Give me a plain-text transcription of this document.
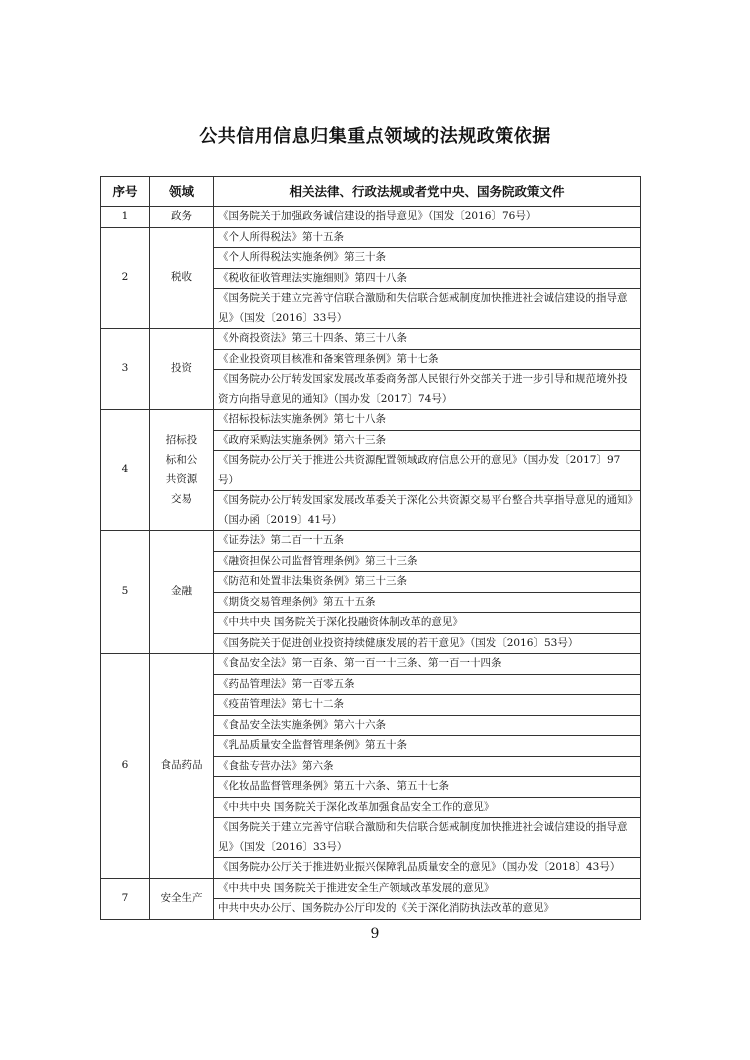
公共信用信息归集重点领域的法规政策依据
序号	领域	相关法律、行政法规或者党中央、国务院政策文件
1	政务	《国务院关于加强政务诚信建设的指导意见》（国发〔2016〕76号）
2	税收	《个人所得税法》第十五条
		《个人所得税法实施条例》第三十条
		《税收征收管理法实施细则》第四十八条
		《国务院关于建立完善守信联合激励和失信联合惩戒制度加快推进社会诚信建设的指导意见》（国发〔2016〕33号）
3	投资	《外商投资法》第三十四条、第三十八条
		《企业投资项目核准和备案管理条例》第十七条
		《国务院办公厅转发国家发展改革委商务部人民银行外交部关于进一步引导和规范境外投资方向指导意见的通知》（国办发〔2017〕74号）
4	招标投标和公共资源交易	《招标投标法实施条例》第七十八条
		《政府采购法实施条例》第六十三条
		《国务院办公厅关于推进公共资源配置领域政府信息公开的意见》（国办发〔2017〕97号）
		《国务院办公厅转发国家发展改革委关于深化公共资源交易平台整合共享指导意见的通知》（国办函〔2019〕41号）
5	金融	《证券法》第二百一十五条
		《融资担保公司监督管理条例》第三十三条
		《防范和处置非法集资条例》第三十三条
		《期货交易管理条例》第五十五条
		《中共中央 国务院关于深化投融资体制改革的意见》
		《国务院关于促进创业投资持续健康发展的若干意见》（国发〔2016〕53号）
6	食品药品	《食品安全法》第一百条、第一百一十三条、第一百一十四条
		《药品管理法》第一百零五条
		《疫苗管理法》第七十二条
		《食品安全法实施条例》第六十六条
		《乳品质量安全监督管理条例》第五十条
		《食盐专营办法》第六条
		《化妆品监督管理条例》第五十六条、第五十七条
		《中共中央 国务院关于深化改革加强食品安全工作的意见》
		《国务院关于建立完善守信联合激励和失信联合惩戒制度加快推进社会诚信建设的指导意见》（国发〔2016〕33号）
		《国务院办公厅关于推进奶业振兴保障乳品质量安全的意见》（国办发〔2018〕43号）
7	安全生产	《中共中央 国务院关于推进安全生产领域改革发展的意见》
		中共中央办公厅、国务院办公厅印发的《关于深化消防执法改革的意见》
9
